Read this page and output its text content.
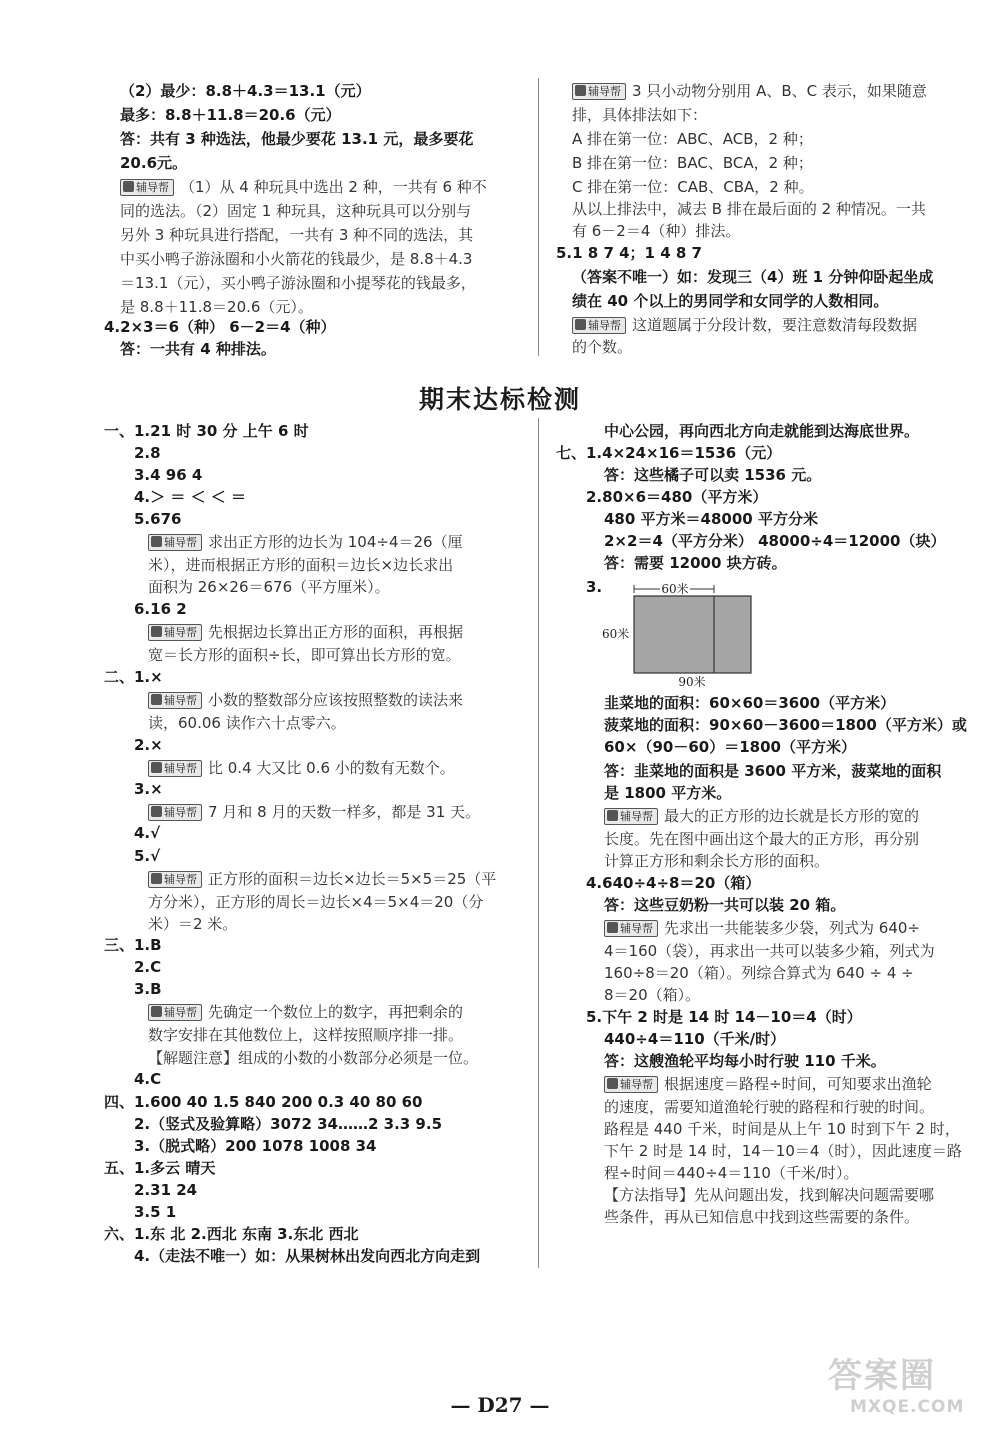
（2）最少：8.8＋4.3＝13.1（元）
最多：8.8＋11.8＝20.6（元）
答：共有 3 种选法，他最少要花 13.1 元，最多要花
20.6元。
辅导帮 （1）从 4 种玩具中选出 2 种，一共有 6 种不
同的选法。（2）固定 1 种玩具，这种玩具可以分别与
另外 3 种玩具进行搭配，一共有 3 种不同的选法，其
中买小鸭子游泳圈和小火箭花的钱最少，是 8.8＋4.3
＝13.1（元），买小鸭子游泳圈和小提琴花的钱最多，
是 8.8＋11.8＝20.6（元）。
4.2×3＝6（种） 6－2＝4（种）
答：一共有 4 种排法。
辅导帮 3 只小动物分别用 A、B、C 表示，如果随意
排，具体排法如下：
A 排在第一位：ABC、ACB，2 种；
B 排在第一位：BAC、BCA，2 种；
C 排在第一位：CAB、CBA，2 种。
从以上排法中，减去 B 排在最后面的 2 种情况。一共
有 6－2＝4（种）排法。
5.1 8 7 4；1 4 8 7
（答案不唯一）如：发现三（4）班 1 分钟仰卧起坐成
绩在 40 个以上的男同学和女同学的人数相同。
辅导帮 这道题属于分段计数，要注意数清每段数据
的个数。
期末达标检测
一、1.21 时 30 分 上午 6 时
2.8
3.4 96 4
4.＞ ＝ ＜ ＜ ＝
5.676
辅导帮 求出正方形的边长为 104÷4＝26（厘
米），进而根据正方形的面积＝边长×边长求出
面积为 26×26＝676（平方厘米）。
6.16 2
辅导帮 先根据边长算出正方形的面积，再根据
宽＝长方形的面积÷长，即可算出长方形的宽。
二、1.×
辅导帮 小数的整数部分应该按照整数的读法来
读，60.06 读作六十点零六。
2.×
辅导帮 比 0.4 大又比 0.6 小的数有无数个。
3.×
辅导帮 7 月和 8 月的天数一样多，都是 31 天。
4.√
5.√
辅导帮 正方形的面积＝边长×边长＝5×5＝25（平
方分米），正方形的周长＝边长×4＝5×4＝20（分
米）＝2 米。
三、1.B
2.C
3.B
辅导帮 先确定一个数位上的数字，再把剩余的
数字安排在其他数位上，这样按照顺序排一排。
【解题注意】组成的小数的小数部分必须是一位。
4.C
四、1.600 40 1.5 840 200 0.3 40 80 60
2.（竖式及验算略）3072 34……2 3.3 9.5
3.（脱式略）200 1078 1008 34
五、1.多云 晴天
2.31 24
3.5 1
六、1.东 北 2.西北 东南 3.东北 西北
4.（走法不唯一）如：从果树林出发向西北方向走到
中心公园，再向西北方向走就能到达海底世界。
七、1.4×24×16＝1536（元）
答：这些橘子可以卖 1536 元。
2.80×6＝480（平方米）
480 平方米＝48000 平方分米
2×2＝4（平方分米） 48000÷4＝12000（块）
答：需要 12000 块方砖。
3.	60米
60米
90米
韭菜地的面积：60×60＝3600（平方米）
菠菜地的面积：90×60－3600＝1800（平方米）或
60×（90－60）＝1800（平方米）
答：韭菜地的面积是 3600 平方米，菠菜地的面积
是 1800 平方米。
辅导帮 最大的正方形的边长就是长方形的宽的
长度。先在图中画出这个最大的正方形，再分别
计算正方形和剩余长方形的面积。
4.640÷4÷8＝20（箱）
答：这些豆奶粉一共可以装 20 箱。
辅导帮 先求出一共能装多少袋，列式为 640÷
4＝160（袋），再求出一共可以装多少箱，列式为
160÷8＝20（箱）。列综合算式为 640 ÷ 4 ÷
8＝20（箱）。
5.下午 2 时是 14 时 14－10＝4（时）
440÷4＝110（千米/时）
答：这艘渔轮平均每小时行驶 110 千米。
辅导帮 根据速度＝路程÷时间，可知要求出渔轮
的速度，需要知道渔轮行驶的路程和行驶的时间。
路程是 440 千米，时间是从上午 10 时到下午 2 时，
下午 2 时是 14 时，14－10＝4（时），因此速度＝路
程÷时间＝440÷4＝110（千米/时）。
【方法指导】先从问题出发，找到解决问题需要哪
些条件，再从已知信息中找到这些需要的条件。
— D27 —
答案圈
MXQE.COM
